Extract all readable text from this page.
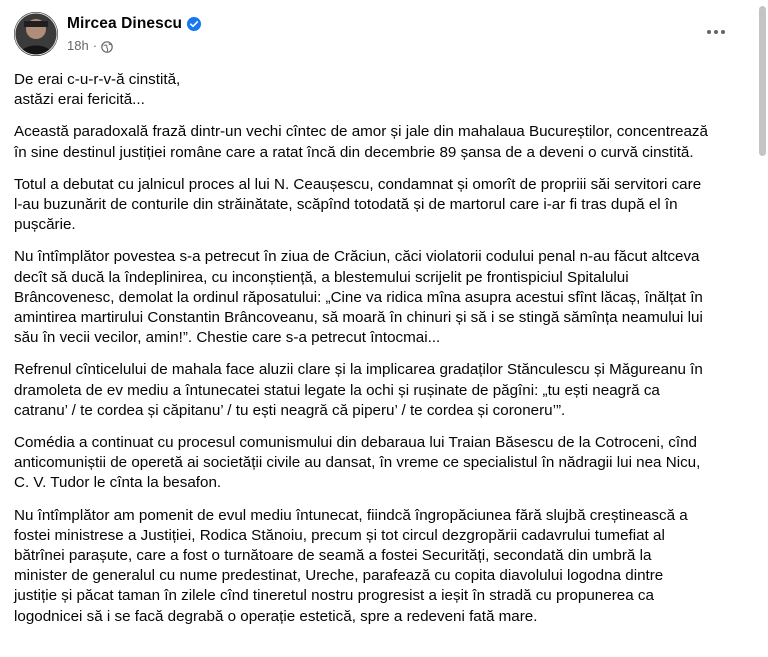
Mircea Dinescu
18h ·
De erai c-u-r-v-ă cinstită,
astăzi erai fericită...
Această paradoxală frază dintr-un vechi cîntec de amor și jale din mahalaua Bucureștilor, concentrează
în sine destinul justiției române care a ratat încă din decembrie 89 șansa de a deveni o curvă cinstită.
Totul a debutat cu jalnicul proces al lui N. Ceaușescu, condamnat și omorît de propriii săi servitori care
l-au buzunărit de conturile din străinătate, scăpînd totodată și de martorul care i-ar fi tras după el în
pușcărie.
Nu întîmplător povestea s-a petrecut în ziua de Crăciun, căci violatorii codului penal n-au făcut altceva
decît să ducă la îndeplinirea, cu inconștiență, a blestemului scrijelit pe frontispiciul Spitalului
Brâncovenesc, demolat la ordinul răposatului: „Cine va ridica mîna asupra acestui sfînt lăcaș, înălțat în
amintirea martirului Constantin Brâncoveanu, să moară în chinuri și să i se stingă sămînța neamului lui
său în vecii vecilor, amin!”. Chestie care s-a petrecut întocmai...
Refrenul cînticelului de mahala face aluzii clare și la implicarea gradaților Stănculescu și Măgureanu în
dramoleta de ev mediu a întunecatei statui legate la ochi și rușinate de păgîni: „tu ești neagră ca
catranu’ / te cordea și căpitanu’ / tu ești neagră că piperu’ / te cordea și coroneru’”.
Comédia a continuat cu procesul comunismului din debaraua lui Traian Băsescu de la Cotroceni, cînd
anticomuniștii de operetă ai societății civile au dansat, în vreme ce specialistul în nădragii lui nea Nicu,
C. V. Tudor le cînta la besafon.
Nu întîmplător am pomenit de evul mediu întunecat, fiindcă îngropăciunea fără slujbă creștinească a
fostei ministrese a Justiției, Rodica Stănoiu, precum și tot circul dezgropării cadavrului tumefiat al
bătrînei parașute, care a fost o turnătoare de seamă a fostei Securități, secondată din umbră la
minister de generalul cu nume predestinat, Ureche, parafează cu copita diavolului logodna dintre
justiție și păcat taman în zilele cînd tineretul nostru progresist a ieșit în stradă cu propunerea ca
logodnicei să i se facă degrabă o operație estetică, spre a redeveni fată mare.
